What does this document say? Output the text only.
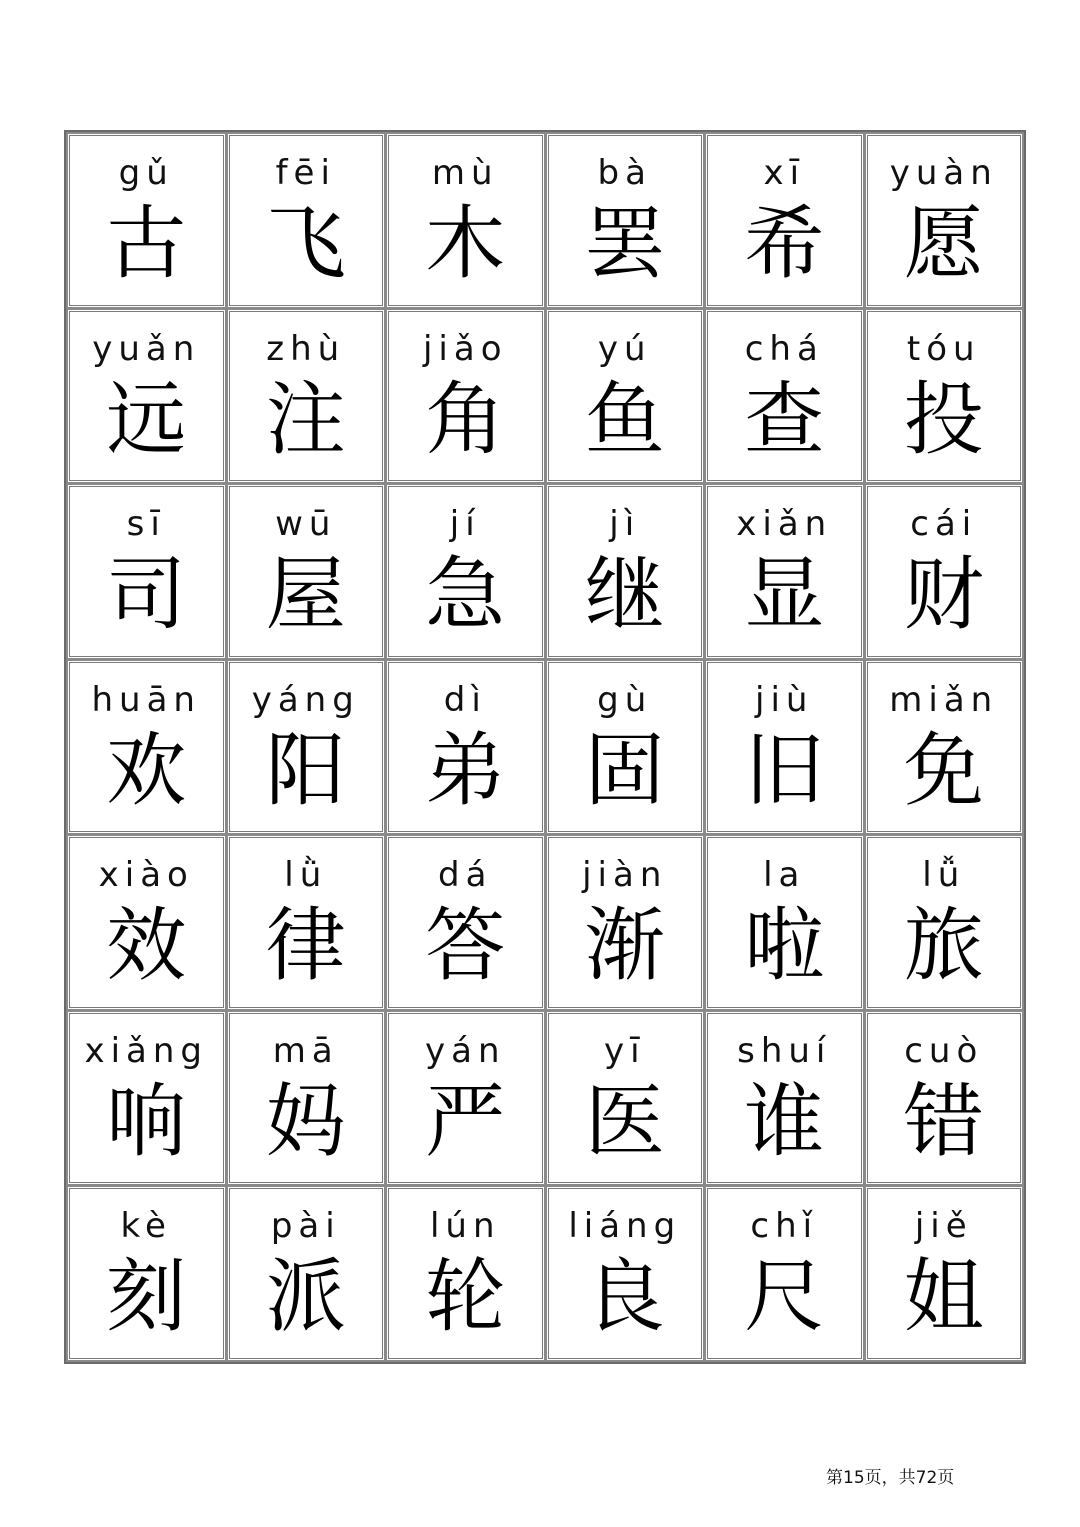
gǔ
古
fēi
飞
mù
木
bà
罢
xī
希
yuàn
愿
yuǎn
远
zhù
注
jiǎo
角
yú
鱼
chá
查
tóu
投
sī
司
wū
屋
jí
急
jì
继
xiǎn
显
cái
财
huān
欢
yáng
阳
dì
弟
gù
固
jiù
旧
miǎn
免
xiào
效
lǜ
律
dá
答
jiàn
渐
la
啦
lǚ
旅
xiǎng
响
mā
妈
yán
严
yī
医
shuí
谁
cuò
错
kè
刻
pài
派
lún
轮
liáng
良
chǐ
尺
jiě
姐
第15页，共72页
